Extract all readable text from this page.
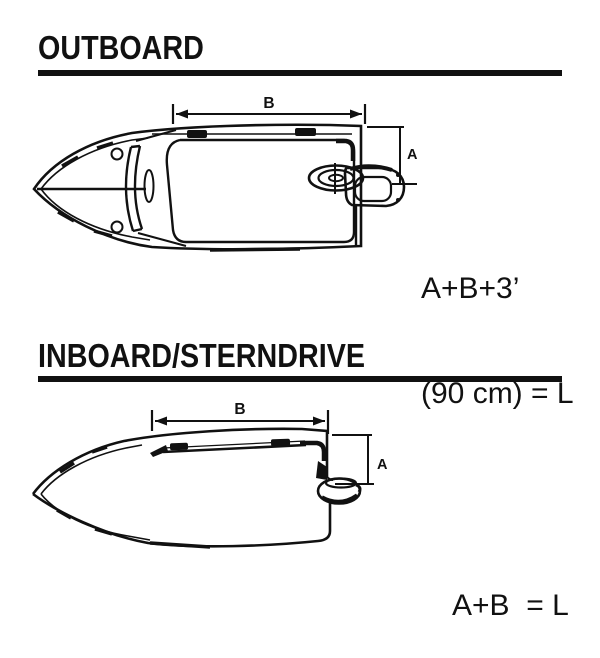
OUTBOARD
INBOARD/STERNDRIVE

A+B+3’

(90 cm) = L

A+B  = L

B
A
B
A
